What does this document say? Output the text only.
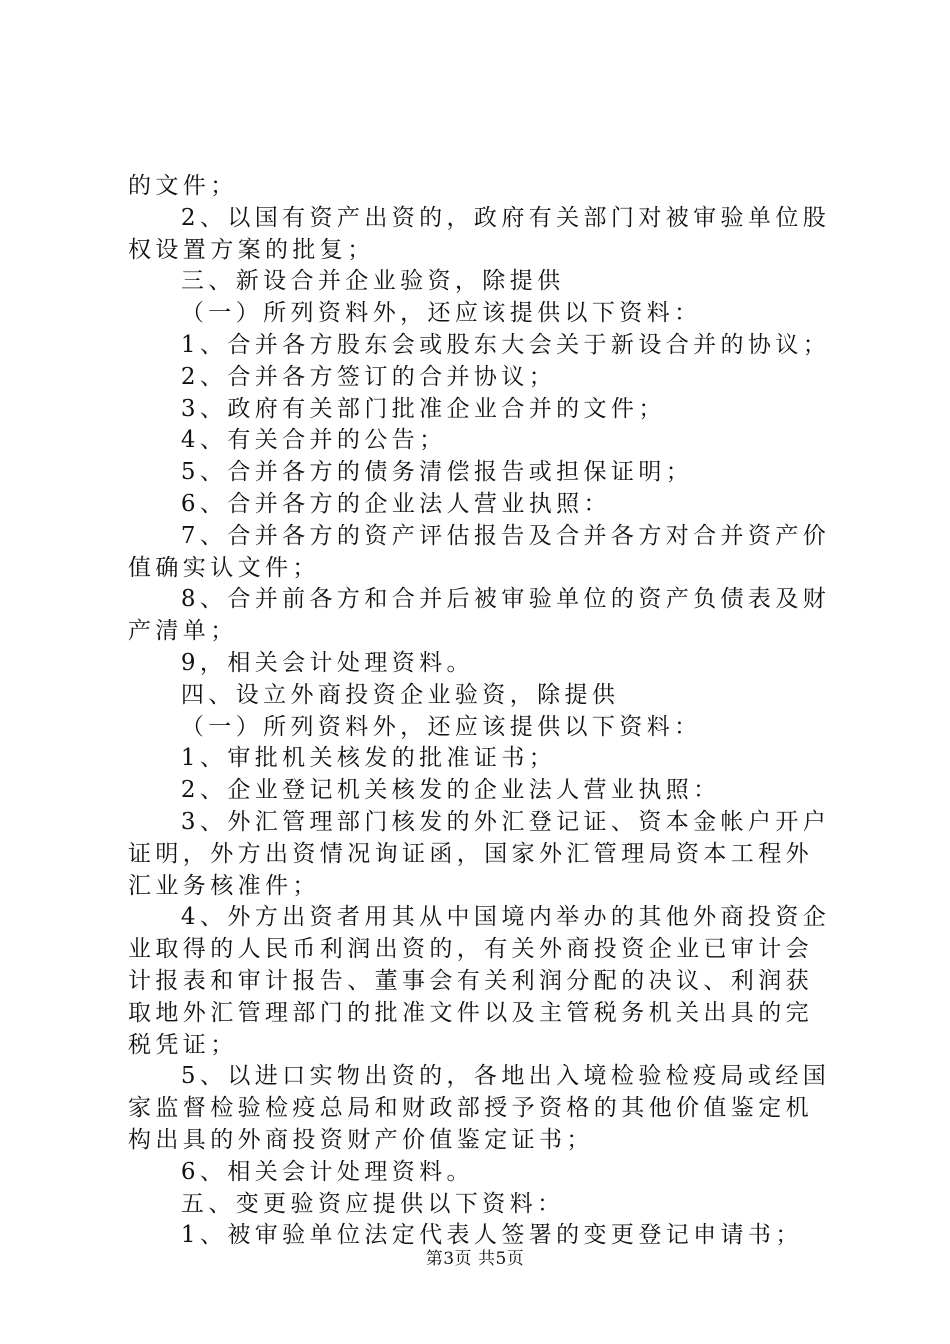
的文件；

2、以国有资产出资的，政府有关部门对被审验单位股权设置方案的批复；

三、新设合并企业验资，除提供

（一）所列资料外，还应该提供以下资料：

1、合并各方股东会或股东大会关于新设合并的协议；

2、合并各方签订的合并协议；

3、政府有关部门批准企业合并的文件；

4、有关合并的公告；

5、合并各方的债务清偿报告或担保证明；

6、合并各方的企业法人营业执照：

7、合并各方的资产评估报告及合并各方对合并资产价值确实认文件；

8、合并前各方和合并后被审验单位的资产负债表及财产清单；

9，相关会计处理资料。

四、设立外商投资企业验资，除提供

（一）所列资料外，还应该提供以下资料：

1、审批机关核发的批准证书；

2、企业登记机关核发的企业法人营业执照：

3、外汇管理部门核发的外汇登记证、资本金帐户开户证明，外方出资情况询证函，国家外汇管理局资本工程外汇业务核准件；

4、外方出资者用其从中国境内举办的其他外商投资企业取得的人民币利润出资的，有关外商投资企业已审计会计报表和审计报告、董事会有关利润分配的决议、利润获取地外汇管理部门的批准文件以及主管税务机关出具的完税凭证；

5、以进口实物出资的，各地出入境检验检疫局或经国家监督检验检疫总局和财政部授予资格的其他价值鉴定机构出具的外商投资财产价值鉴定证书；

6、相关会计处理资料。

五、变更验资应提供以下资料：

1、被审验单位法定代表人签署的变更登记申请书；

第3页 共5页
